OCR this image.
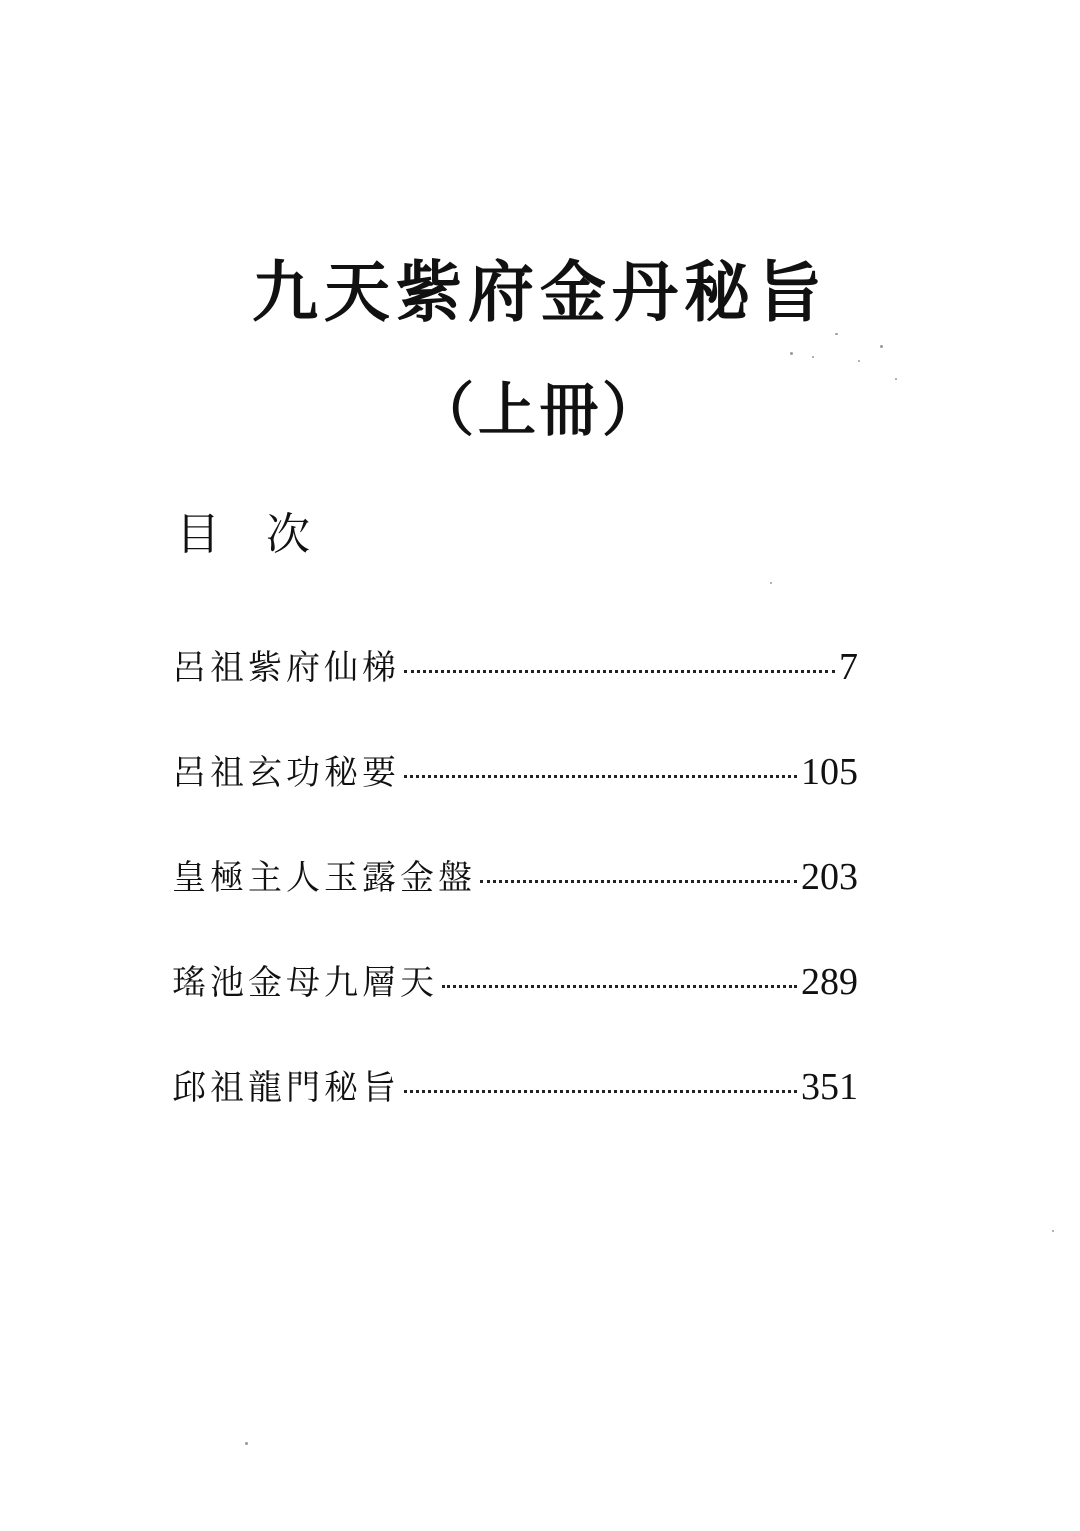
九天紫府金丹秘旨
（上冊）
目 次
呂祖紫府仙梯	7
呂祖玄功秘要	105
皇極主人玉露金盤	203
瑤池金母九層天	289
邱祖龍門秘旨	351
